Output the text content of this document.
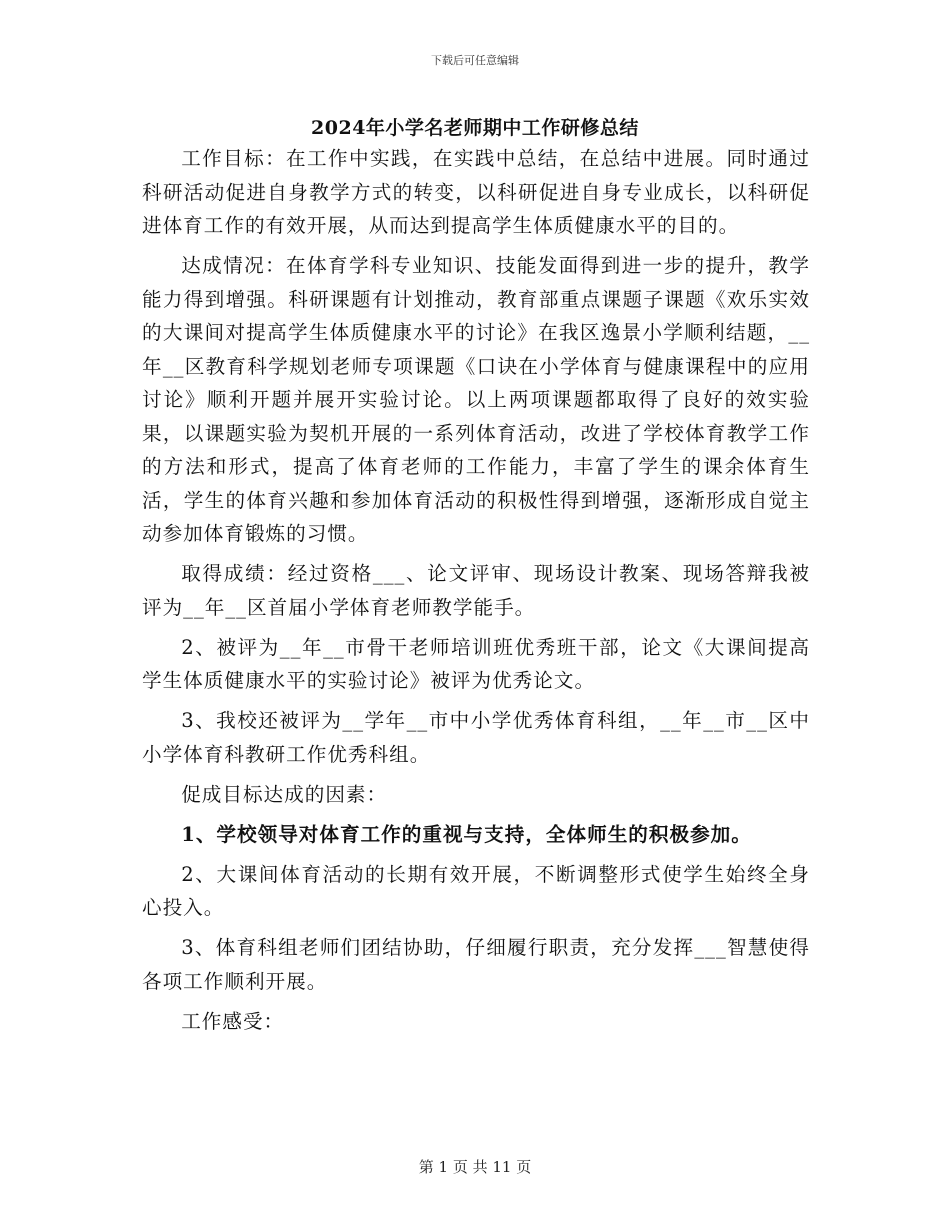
下载后可任意编辑
2024年小学名老师期中工作研修总结

工作目标：在工作中实践，在实践中总结，在总结中进展。同时通过科研活动促进自身教学方式的转变，以科研促进自身专业成长，以科研促进体育工作的有效开展，从而达到提高学生体质健康水平的目的。

达成情况：在体育学科专业知识、技能发面得到进一步的提升，教学能力得到增强。科研课题有计划推动，教育部重点课题子课题《欢乐实效的大课间对提高学生体质健康水平的讨论》在我区逸景小学顺利结题，__年__区教育科学规划老师专项课题《口诀在小学体育与健康课程中的应用讨论》顺利开题并展开实验讨论。以上两项课题都取得了良好的效实验果，以课题实验为契机开展的一系列体育活动，改进了学校体育教学工作的方法和形式，提高了体育老师的工作能力，丰富了学生的课余体育生活，学生的体育兴趣和参加体育活动的积极性得到增强，逐渐形成自觉主动参加体育锻炼的习惯。

取得成绩：经过资格___、论文评审、现场设计教案、现场答辩我被评为__年__区首届小学体育老师教学能手。

2、被评为__年__市骨干老师培训班优秀班干部，论文《大课间提高学生体质健康水平的实验讨论》被评为优秀论文。

3、我校还被评为__学年__市中小学优秀体育科组，__年__市__区中小学体育科教研工作优秀科组。

促成目标达成的因素：

1、学校领导对体育工作的重视与支持，全体师生的积极参加。

2、大课间体育活动的长期有效开展，不断调整形式使学生始终全身心投入。

3、体育科组老师们团结协助，仔细履行职责，充分发挥___智慧使得各项工作顺利开展。

工作感受：

第 1 页 共 11 页
